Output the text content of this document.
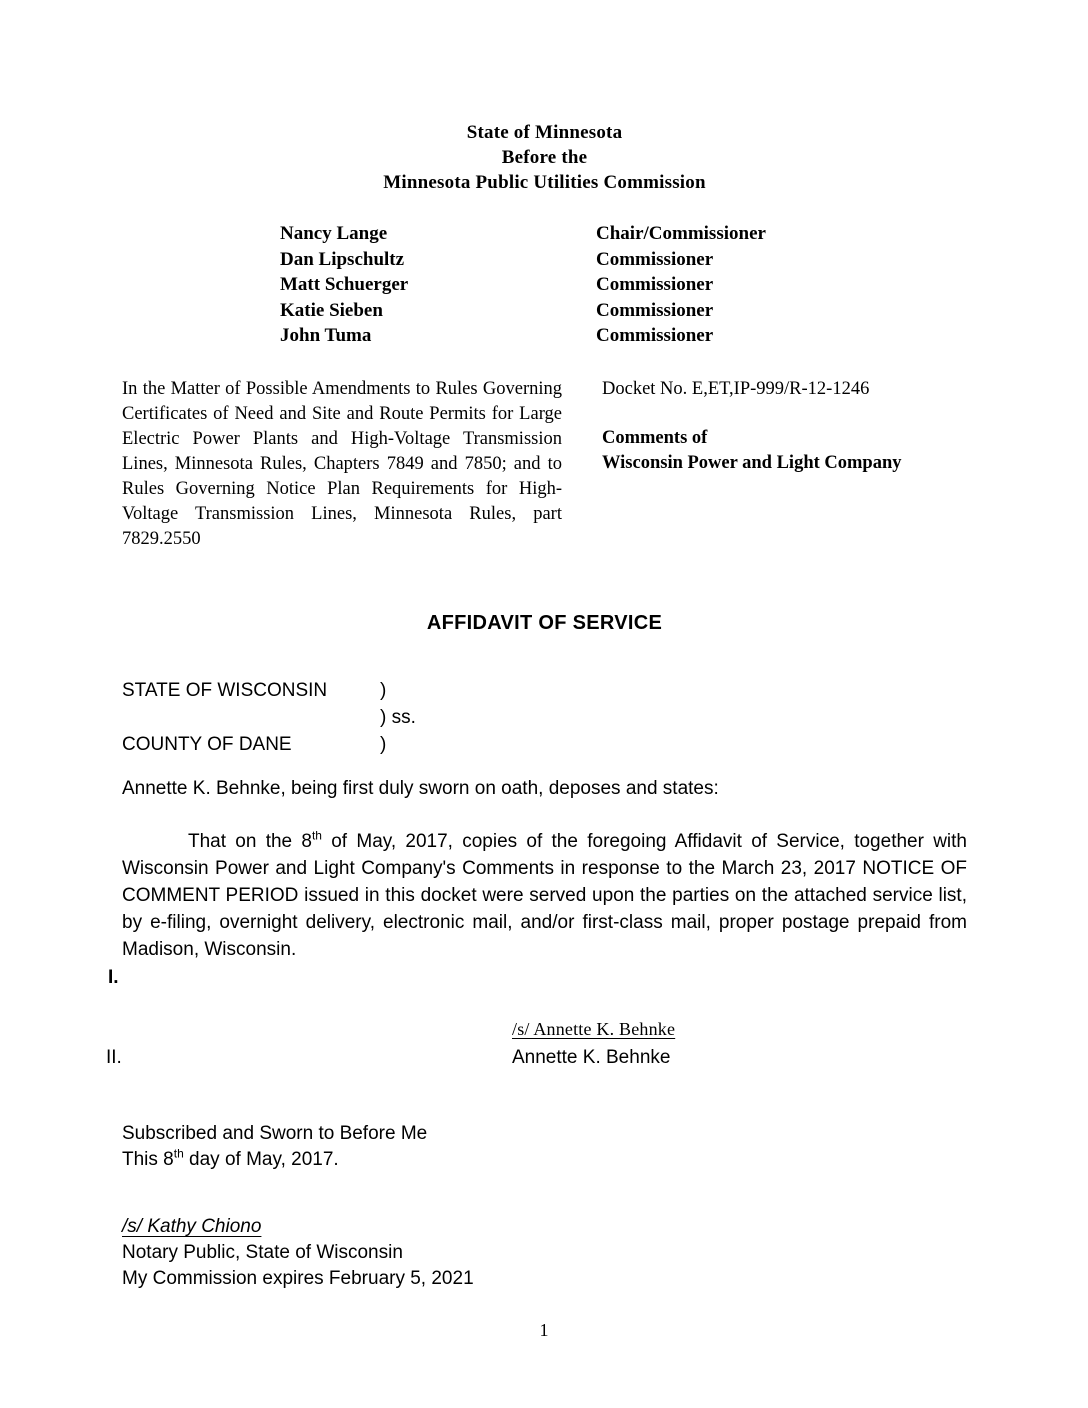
State of Minnesota
Before the
Minnesota Public Utilities Commission
Nancy Lange	Chair/Commissioner
Dan Lipschultz	Commissioner
Matt Schuerger	Commissioner
Katie Sieben	Commissioner
John Tuma	Commissioner
In the Matter of Possible Amendments to Rules Governing Certificates of Need and Site and Route Permits for Large Electric Power Plants and High-Voltage Transmission Lines, Minnesota Rules, Chapters 7849 and 7850; and to Rules Governing Notice Plan Requirements for High-Voltage Transmission Lines, Minnesota Rules, part 7829.2550
Docket No. E,ET,IP-999/R-12-1246
Comments of
Wisconsin Power and Light Company
AFFIDAVIT OF SERVICE
STATE OF WISCONSIN	)
) ss.
COUNTY OF DANE	)
Annette K. Behnke, being first duly sworn on oath, deposes and states:
That on the 8th of May, 2017, copies of the foregoing Affidavit of Service, together with Wisconsin Power and Light Company's Comments in response to the March 23, 2017 NOTICE OF COMMENT PERIOD issued in this docket were served upon the parties on the attached service list, by e-filing, overnight delivery, electronic mail, and/or first-class mail, proper postage prepaid from Madison, Wisconsin.
I.
II.
/s/ Annette K. Behnke
Annette K. Behnke
Subscribed and Sworn to Before Me
This 8th day of May, 2017.
/s/ Kathy Chiono
Notary Public, State of Wisconsin
My Commission expires February 5, 2021
1
